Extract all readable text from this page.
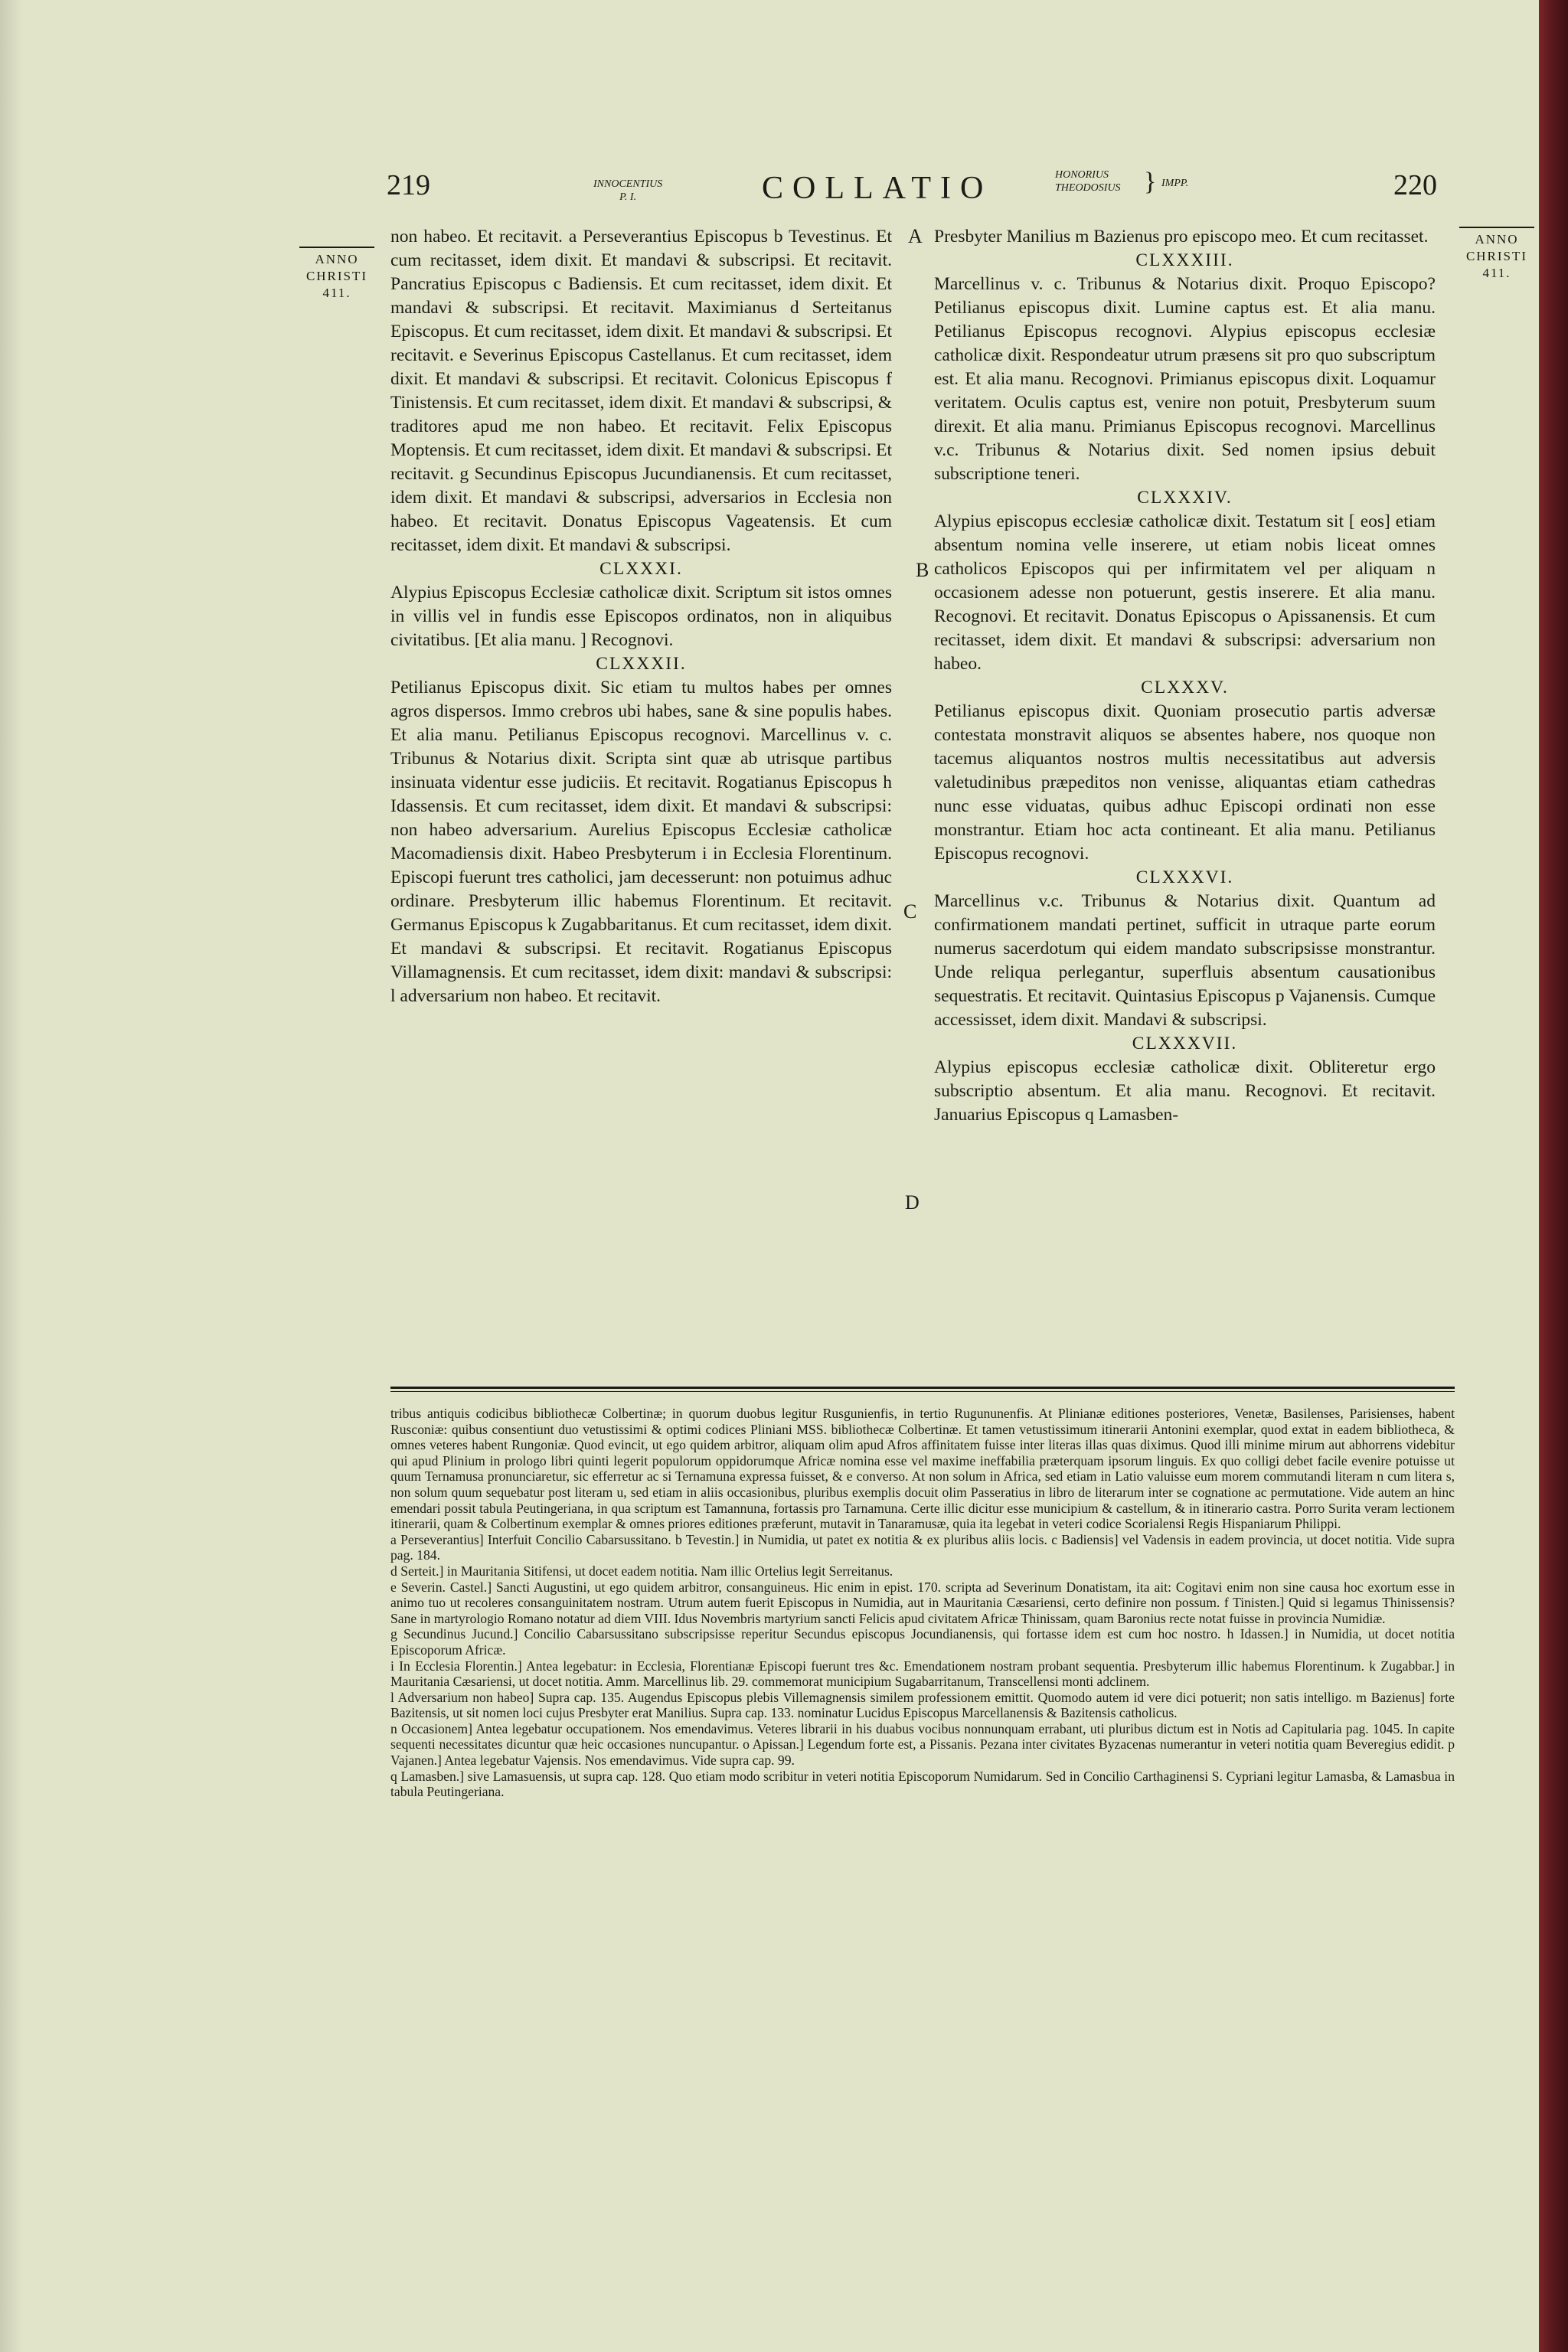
219	INNOCENTIUS
P. I.	COLLATIO	HONORIUS
THEODOSIUS } IMPP.	220
ANNO
CHRISTI
411.
ANNO
CHRISTI
411.

non habeo. Et recitavit. a Perseverantius Episcopus b Tevestinus. Et cum recitasset, idem dixit. Et mandavi & subscripsi. Et recitavit. Pancratius Episcopus c Badiensis. Et cum recitasset, idem dixit. Et mandavi & subscripsi. Et recitavit. Maximianus d Serteitanus Episcopus. Et cum recitasset, idem dixit. Et mandavi & subscripsi. Et recitavit. e Severinus Episcopus Castellanus. Et cum recitasset, idem dixit. Et mandavi & subscripsi. Et recitavit. Colonicus Episcopus f Tinistensis. Et cum recitasset, idem dixit. Et mandavi & subscripsi, & traditores apud me non habeo. Et recitavit. Felix Episcopus Moptensis. Et cum recitasset, idem dixit. Et mandavi & subscripsi. Et recitavit. g Secundinus Episcopus Jucundianensis. Et cum recitasset, idem dixit. Et mandavi & subscripsi, adversarios in Ecclesia non habeo. Et recitavit. Donatus Episcopus Vageatensis. Et cum recitasset, idem dixit. Et mandavi & subscripsi.

CLXXXI.

Alypius Episcopus Ecclesiæ catholicæ dixit. Scriptum sit istos omnes in villis vel in fundis esse Episcopos ordinatos, non in aliquibus civitatibus. [Et alia manu. ] Recognovi.

CLXXXII.

Petilianus Episcopus dixit. Sic etiam tu multos habes per omnes agros dispersos. Immo crebros ubi habes, sane & sine populis habes. Et alia manu. Petilianus Episcopus recognovi. Marcellinus v. c. Tribunus & Notarius dixit. Scripta sint quæ ab utrisque partibus insinuata videntur esse judiciis. Et recitavit. Rogatianus Episcopus h Idassensis. Et cum recitasset, idem dixit. Et mandavi & subscripsi: non habeo adversarium. Aurelius Episcopus Ecclesiæ catholicæ Macomadiensis dixit. Habeo Presbyterum i in Ecclesia Florentinum. Episcopi fuerunt tres catholici, jam decesserunt: non potuimus adhuc ordinare. Presbyterum illic habemus Florentinum. Et recitavit. Germanus Episcopus k Zugabbaritanus. Et cum recitasset, idem dixit. Et mandavi & subscripsi. Et recitavit. Rogatianus Episcopus Villamagnensis. Et cum recitasset, idem dixit: mandavi & subscripsi: l adversarium non habeo. Et recitavit.

A
B
C
D

Presbyter Manilius m Bazienus pro episcopo meo. Et cum recitasset.

CLXXXIII.

Marcellinus v. c. Tribunus & Notarius dixit. Proquo Episcopo? Petilianus episcopus dixit. Lumine captus est. Et alia manu. Petilianus Episcopus recognovi. Alypius episcopus ecclesiæ catholicæ dixit. Respondeatur utrum præsens sit pro quo subscriptum est. Et alia manu. Recognovi. Primianus episcopus dixit. Loquamur veritatem. Oculis captus est, venire non potuit, Presbyterum suum direxit. Et alia manu. Primianus Episcopus recognovi. Marcellinus v.c. Tribunus & Notarius dixit. Sed nomen ipsius debuit subscriptione teneri.

CLXXXIV.

Alypius episcopus ecclesiæ catholicæ dixit. Testatum sit [ eos] etiam absentum nomina velle inserere, ut etiam nobis liceat omnes catholicos Episcopos qui per infirmitatem vel per aliquam n occasionem adesse non potuerunt, gestis inserere. Et alia manu. Recognovi. Et recitavit. Donatus Episcopus o Apissanensis. Et cum recitasset, idem dixit. Et mandavi & subscripsi: adversarium non habeo.

CLXXXV.

Petilianus episcopus dixit. Quoniam prosecutio partis adversæ contestata monstravit aliquos se absentes habere, nos quoque non tacemus aliquantos nostros multis necessitatibus aut adversis valetudinibus præpeditos non venisse, aliquantas etiam cathedras nunc esse viduatas, quibus adhuc Episcopi ordinati non esse monstrantur. Etiam hoc acta contineant. Et alia manu. Petilianus Episcopus recognovi.

CLXXXVI.

Marcellinus v.c. Tribunus & Notarius dixit. Quantum ad confirmationem mandati pertinet, sufficit in utraque parte eorum numerus sacerdotum qui eidem mandato subscripsisse monstrantur. Unde reliqua perlegantur, superfluis absentum causationibus sequestratis. Et recitavit. Quintasius Episcopus p Vajanensis. Cumque accessisset, idem dixit. Mandavi & subscripsi.

CLXXXVII.

Alypius episcopus ecclesiæ catholicæ dixit. Obliteretur ergo subscriptio absentum. Et alia manu. Recognovi. Et recitavit. Januarius Episcopus q Lamasben-

tribus antiquis codicibus bibliothecæ Colbertinæ; in quorum duobus legitur Rusgunienfis, in tertio Rugununenfis. At Plinianæ editiones posteriores, Venetæ, Basilenses, Parisienses, habent Rusconiæ: quibus consentiunt duo vetustissimi & optimi codices Pliniani MSS. bibliothecæ Colbertinæ. Et tamen vetustissimum itinerarii Antonini exemplar, quod extat in eadem bibliotheca, & omnes veteres habent Rungoniæ. Quod evincit, ut ego quidem arbitror, aliquam olim apud Afros affinitatem fuisse inter literas illas quas diximus. Quod illi minime mirum aut abhorrens videbitur qui apud Plinium in prologo libri quinti legerit populorum oppidorumque Africæ nomina esse vel maxime ineffabilia præterquam ipsorum linguis. Ex quo colligi debet facile evenire potuisse ut quum Ternamusa pronunciaretur, sic efferretur ac si Ternamuna expressa fuisset, & e converso. At non solum in Africa, sed etiam in Latio valuisse eum morem commutandi literam n cum litera s, non solum quum sequebatur post literam u, sed etiam in aliis occasionibus, pluribus exemplis docuit olim Passeratius in libro de literarum inter se cognatione ac permutatione. Vide autem an hinc emendari possit tabula Peutingeriana, in qua scriptum est Tamannuna, fortassis pro Tarnamuna. Certe illic dicitur esse municipium & castellum, & in itinerario castra. Porro Surita veram lectionem itinerarii, quam & Colbertinum exemplar & omnes priores editiones præferunt, mutavit in Tanaramusæ, quia ita legebat in veteri codice Scorialensi Regis Hispaniarum Philippi.

a Perseverantius] Interfuit Concilio Cabarsussitano. b Tevestin.] in Numidia, ut patet ex notitia & ex pluribus aliis locis. c Badiensis] vel Vadensis in eadem provincia, ut docet notitia. Vide supra pag. 184.

d Serteit.] in Mauritania Sitifensi, ut docet eadem notitia. Nam illic Ortelius legit Serreitanus.

e Severin. Castel.] Sancti Augustini, ut ego quidem arbitror, consanguineus. Hic enim in epist. 170. scripta ad Severinum Donatistam, ita ait: Cogitavi enim non sine causa hoc exortum esse in animo tuo ut recoleres consanguinitatem nostram. Utrum autem fuerit Episcopus in Numidia, aut in Mauritania Cæsariensi, certo definire non possum. f Tinisten.] Quid si legamus Thinissensis? Sane in martyrologio Romano notatur ad diem VIII. Idus Novembris martyrium sancti Felicis apud civitatem Africæ Thinissam, quam Baronius recte notat fuisse in provincia Numidiæ.

g Secundinus Jucund.] Concilio Cabarsussitano subscripsisse reperitur Secundus episcopus Jocundianensis, qui fortasse idem est cum hoc nostro. h Idassen.] in Numidia, ut docet notitia Episcoporum Africæ.

i In Ecclesia Florentin.] Antea legebatur: in Ecclesia, Florentianæ Episcopi fuerunt tres &c. Emendationem nostram probant sequentia. Presbyterum illic habemus Florentinum. k Zugabbar.] in Mauritania Cæsariensi, ut docet notitia. Amm. Marcellinus lib. 29. commemorat municipium Sugabarritanum, Transcellensi monti adclinem.

l Adversarium non habeo] Supra cap. 135. Augendus Episcopus plebis Villemagnensis similem professionem emittit. Quomodo autem id vere dici potuerit; non satis intelligo. m Bazienus] forte Bazitensis, ut sit nomen loci cujus Presbyter erat Manilius. Supra cap. 133. nominatur Lucidus Episcopus Marcellanensis & Bazitensis catholicus.

n Occasionem] Antea legebatur occupationem. Nos emendavimus. Veteres librarii in his duabus vocibus nonnunquam errabant, uti pluribus dictum est in Notis ad Capitularia pag. 1045. In capite sequenti necessitates dicuntur quæ heic occasiones nuncupantur. o Apissan.] Legendum forte est, a Pissanis. Pezana inter civitates Byzacenas numerantur in veteri notitia quam Beveregius edidit. p Vajanen.] Antea legebatur Vajensis. Nos emendavimus. Vide supra cap. 99.

q Lamasben.] sive Lamasuensis, ut supra cap. 128. Quo etiam modo scribitur in veteri notitia Episcoporum Numidarum. Sed in Concilio Carthaginensi S. Cypriani legitur Lamasba, & Lamasbua in tabula Peutingeriana.
